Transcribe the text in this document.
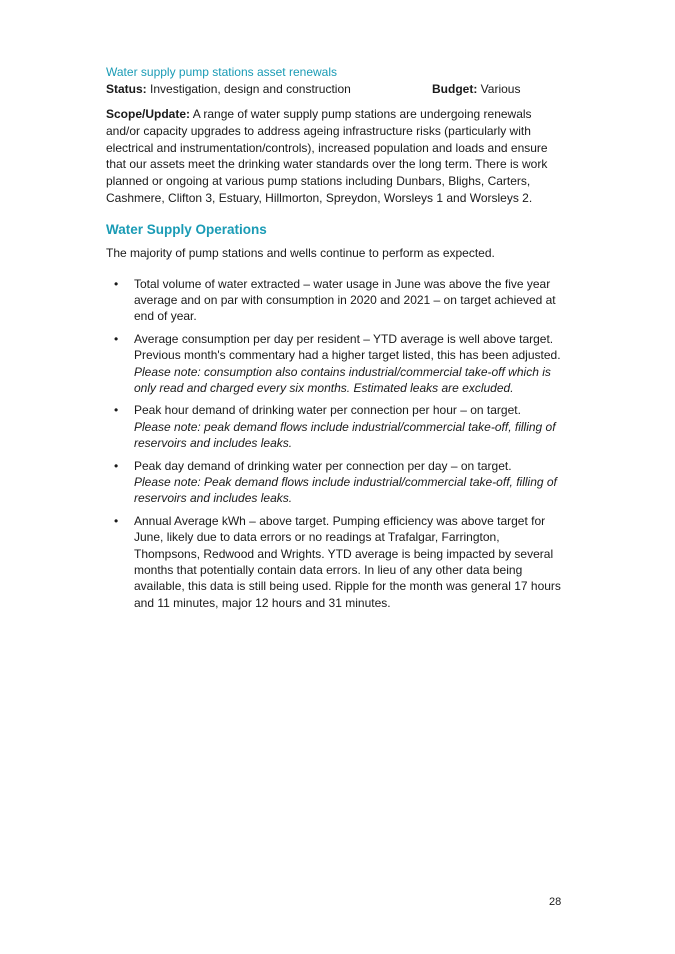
Water supply pump stations asset renewals

Status: Investigation, design and construction	Budget: Various
Scope/Update: A range of water supply pump stations are undergoing renewals and/or capacity upgrades to address ageing infrastructure risks (particularly with electrical and instrumentation/controls), increased population and loads and ensure that our assets meet the drinking water standards over the long term. There is work planned or ongoing at various pump stations including Dunbars, Blighs, Carters, Cashmere, Clifton 3, Estuary, Hillmorton, Spreydon, Worsleys 1 and Worsleys 2.
Water Supply Operations

The majority of pump stations and wells continue to perform as expected.

• Total volume of water extracted – water usage in June was above the five year average and on par with consumption in 2020 and 2021 – on target achieved at end of year.
• Average consumption per day per resident – YTD average is well above target. Previous month's commentary had a higher target listed, this has been adjusted.
Please note: consumption also contains industrial/commercial take-off which is only read and charged every six months. Estimated leaks are excluded.
• Peak hour demand of drinking water per connection per hour – on target.
Please note: peak demand flows include industrial/commercial take-off, filling of reservoirs and includes leaks.
• Peak day demand of drinking water per connection per day – on target.
Please note: Peak demand flows include industrial/commercial take-off, filling of reservoirs and includes leaks.
• Annual Average kWh – above target. Pumping efficiency was above target for June, likely due to data errors or no readings at Trafalgar, Farrington, Thompsons, Redwood and Wrights. YTD average is being impacted by several months that potentially contain data errors. In lieu of any other data being available, this data is still being used. Ripple for the month was general 17 hours and 11 minutes, major 12 hours and 31 minutes.
28
